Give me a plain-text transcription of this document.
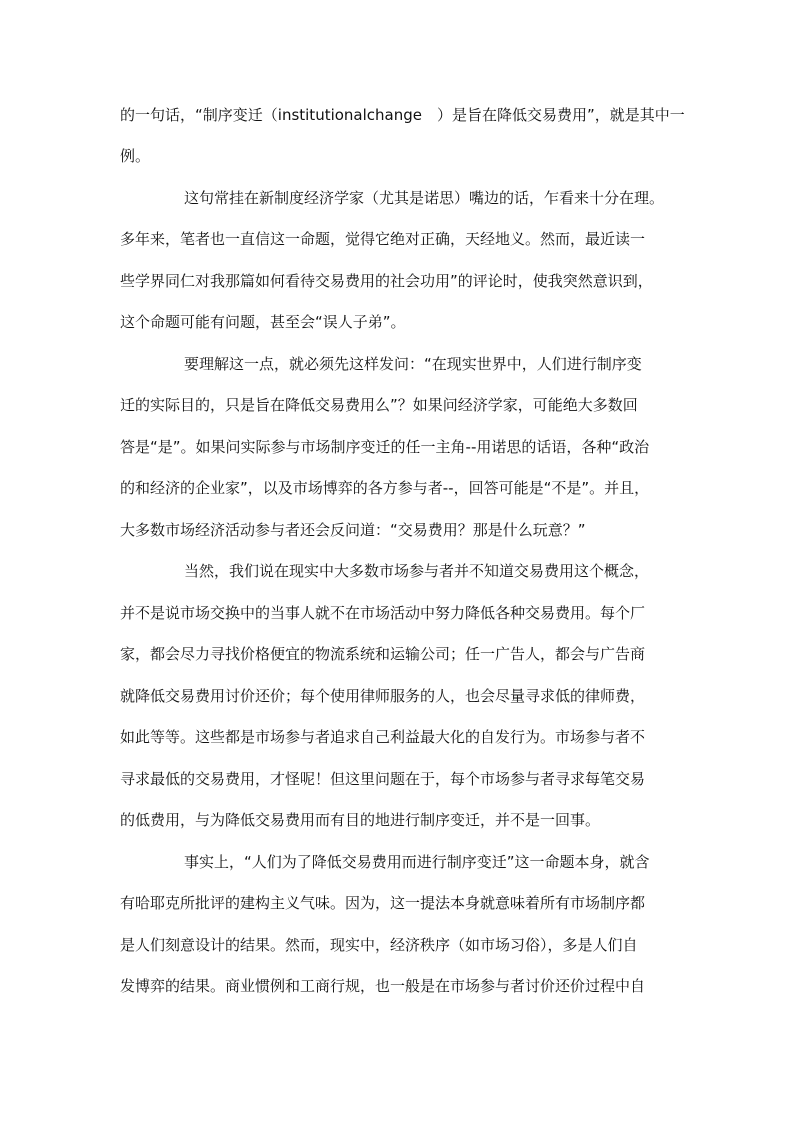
的一句话，“制序变迁（institutionalchange　）是旨在降低交易费用”，就是其中一
例。
这句常挂在新制度经济学家（尤其是诺思）嘴边的话，乍看来十分在理。
多年来，笔者也一直信这一命题，觉得它绝对正确，天经地义。然而，最近读一
些学界同仁对我那篇如何看待交易费用的社会功用”的评论时，使我突然意识到，
这个命题可能有问题，甚至会“误人子弟”。
要理解这一点，就必须先这样发问：“在现实世界中，人们进行制序变
迁的实际目的，只是旨在降低交易费用么”？如果问经济学家，可能绝大多数回
答是“是”。如果问实际参与市场制序变迁的任一主角--用诺思的话语，各种“政治
的和经济的企业家”，以及市场博弈的各方参与者--，回答可能是“不是”。并且，
大多数市场经济活动参与者还会反问道：“交易费用？那是什么玩意？”
当然，我们说在现实中大多数市场参与者并不知道交易费用这个概念，
并不是说市场交换中的当事人就不在市场活动中努力降低各种交易费用。每个厂
家，都会尽力寻找价格便宜的物流系统和运输公司；任一广告人，都会与广告商
就降低交易费用讨价还价；每个使用律师服务的人，也会尽量寻求低的律师费，
如此等等。这些都是市场参与者追求自己利益最大化的自发行为。市场参与者不
寻求最低的交易费用，才怪呢！但这里问题在于，每个市场参与者寻求每笔交易
的低费用，与为降低交易费用而有目的地进行制序变迁，并不是一回事。
事实上，“人们为了降低交易费用而进行制序变迁”这一命题本身，就含
有哈耶克所批评的建构主义气味。因为，这一提法本身就意味着所有市场制序都
是人们刻意设计的结果。然而，现实中，经济秩序（如市场习俗），多是人们自
发博弈的结果。商业惯例和工商行规，也一般是在市场参与者讨价还价过程中自
